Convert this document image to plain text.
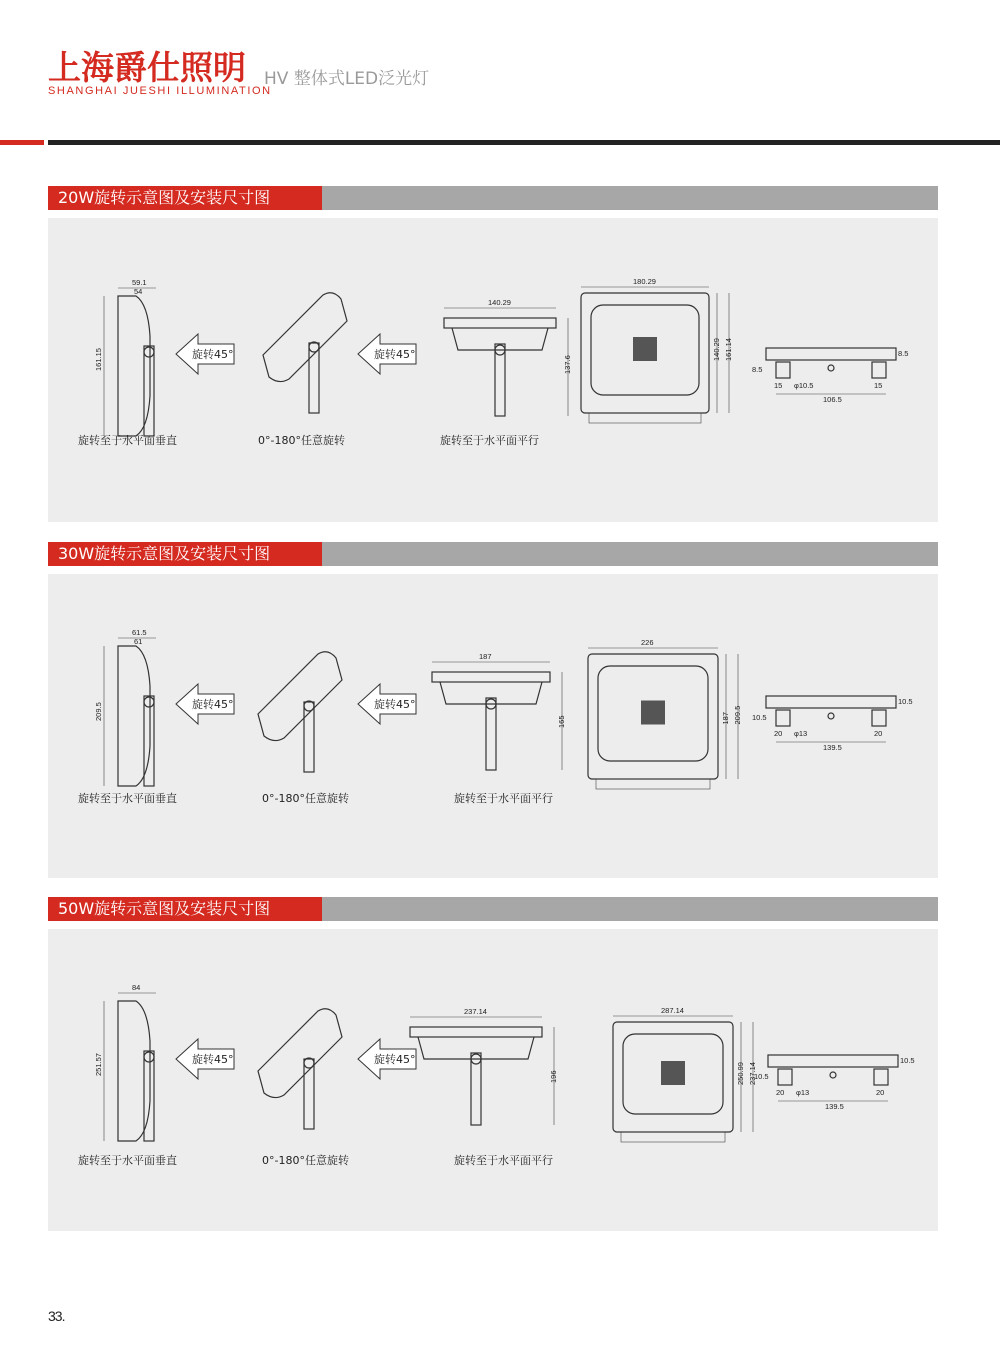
上海爵仕照明
SHANGHAI JUESHI ILLUMINATION
HV 整体式LED泛光灯
20W旋转示意图及安装尺寸图
59.1
54
161.15	旋转45°	旋转45°
140.29
137.6
180.29
140.29 161.14
8.5
8.5
15	15
φ10.5
106.5
旋转至于水平面垂直	0°-180°任意旋转	旋转至于水平面平行
30W旋转示意图及安装尺寸图
61.5
61
209.5	旋转45°	旋转45°
187
165
226
187 209.5 10.5
10.5
20	20
φ13
139.5
旋转至于水平面垂直	0°-180°任意旋转	旋转至于水平面平行
50W旋转示意图及安装尺寸图
84
251.57	旋转45°	旋转45°
237.14
196
287.14
250.99 237.14
10.5
10.5
20	20
φ13
139.5
旋转至于水平面垂直	0°-180°任意旋转	旋转至于水平面平行
33.
